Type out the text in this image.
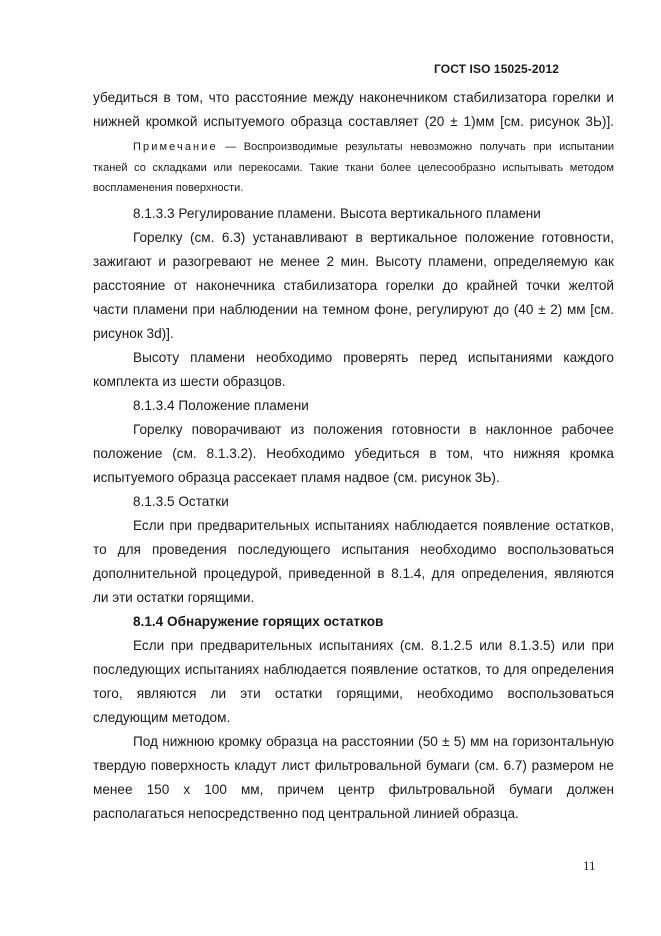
ГОСТ ISO 15025-2012

убедиться в том, что расстояние между наконечником стабилизатора горелки и нижней кромкой испытуемого образца составляет (20 ± 1)мм [см. рисунок 3Ь)].

Примечание — Воспроизводимые результаты невозможно получать при испытании тканей со складками или перекосами. Такие ткани более целесообразно испытывать методом воспламенения поверхности.

8.1.3.3 Регулирование пламени. Высота вертикального пламени

Горелку (см. 6.3) устанавливают в вертикальное положение готовности, зажигают и разогревают не менее 2 мин. Высоту пламени, определяемую как расстояние от наконечника стабилизатора горелки до крайней точки желтой части пламени при наблюдении на темном фоне, регулируют до (40 ± 2) мм [см. рисунок 3d)].

Высоту пламени необходимо проверять перед испытаниями каждого комплекта из шести образцов.

8.1.3.4 Положение пламени

Горелку поворачивают из положения готовности в наклонное рабочее положение (см. 8.1.3.2). Необходимо убедиться в том, что нижняя кромка испытуемого образца рассекает пламя надвое (см. рисунок 3Ь).

8.1.3.5 Остатки

Если при предварительных испытаниях наблюдается появление остатков, то для проведения последующего испытания необходимо воспользоваться дополнительной процедурой, приведенной в 8.1.4, для определения, являются ли эти остатки горящими.

8.1.4 Обнаружение горящих остатков

Если при предварительных испытаниях (см. 8.1.2.5 или 8.1.3.5) или при последующих испытаниях наблюдается появление остатков, то для определения того, являются ли эти остатки горящими, необходимо воспользоваться следующим методом.

Под нижнюю кромку образца на расстоянии (50 ± 5) мм на горизонтальную твердую поверхность кладут лист фильтровальной бумаги (см. 6.7) размером не менее 150 х 100 мм, причем центр фильтровальной бумаги должен располагаться непосредственно под центральной линией образца.

11
